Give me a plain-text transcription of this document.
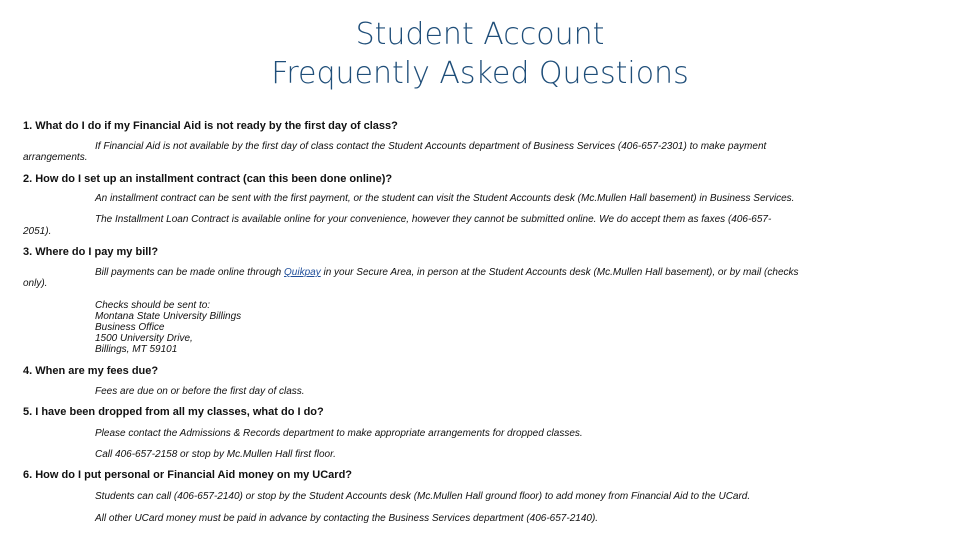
Student Account
Frequently Asked Questions
1. What do I do if my Financial Aid is not ready by the first day of class?
If Financial Aid is not available by the first day of class contact the Student Accounts department of Business Services (406-657-2301) to make payment
arrangements.
2. How do I set up an installment contract (can this been done online)?
An installment contract can be sent with the first payment, or the student can visit the Student Accounts desk (Mc.Mullen Hall basement) in Business Services.
The Installment Loan Contract is available online for your convenience, however they cannot be submitted online. We do accept them as faxes (406-657-
2051).
3. Where do I pay my bill?
Bill payments can be made online through Quikpay in your Secure Area, in person at the Student Accounts desk (Mc.Mullen Hall basement), or by mail (checks
only).
Checks should be sent to:
Montana State University Billings
Business Office
1500 University Drive,
Billings, MT 59101
4. When are my fees due?
Fees are due on or before the first day of class.
5. I have been dropped from all my classes, what do I do?
Please contact the Admissions & Records department to make appropriate arrangements for dropped classes.
Call 406-657-2158 or stop by Mc.Mullen Hall first floor.
6. How do I put personal or Financial Aid money on my UCard?
Students can call (406-657-2140) or stop by the Student Accounts desk (Mc.Mullen Hall ground floor) to add money from Financial Aid to the UCard.
All other UCard money must be paid in advance by contacting the Business Services department (406-657-2140).
